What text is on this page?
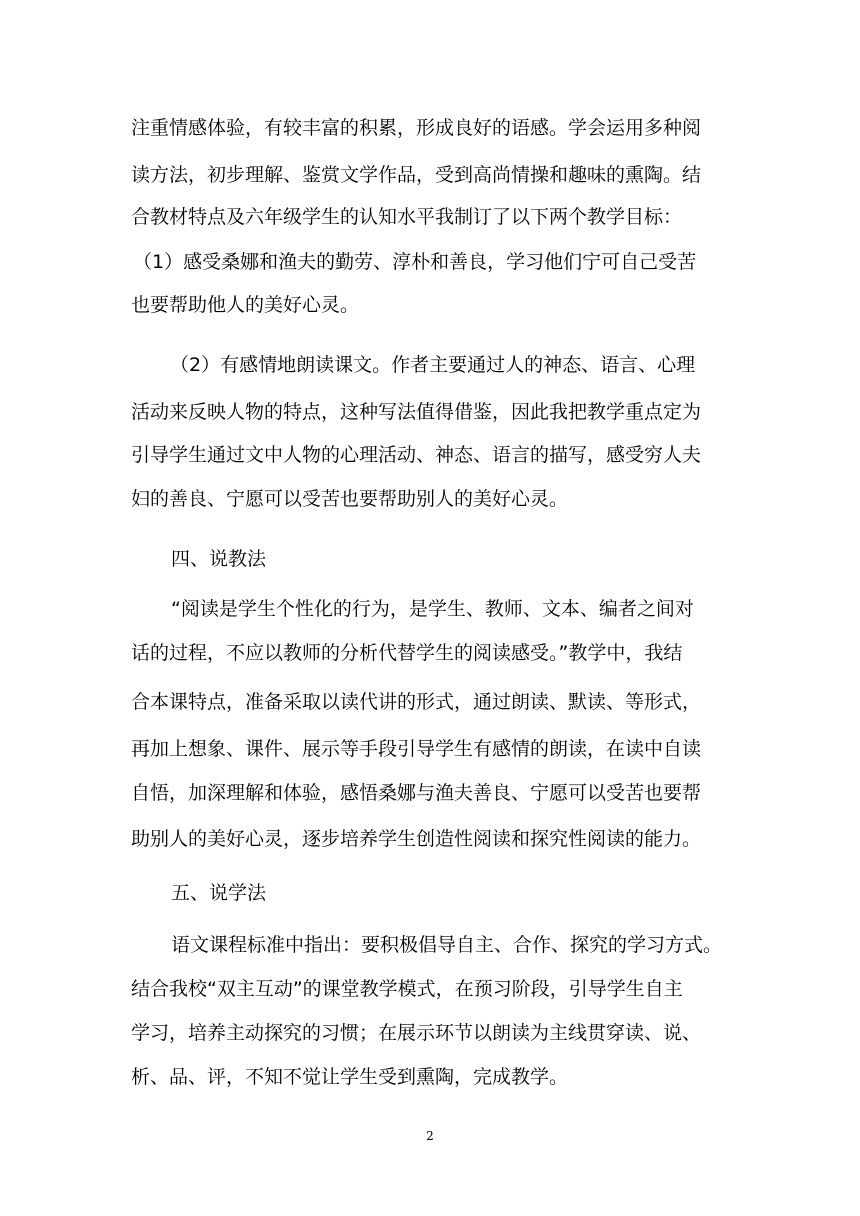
注重情感体验，有较丰富的积累，形成良好的语感。学会运用多种阅
读方法，初步理解、鉴赏文学作品，受到高尚情操和趣味的熏陶。结
合教材特点及六年级学生的认知水平我制订了以下两个教学目标：
（1）感受桑娜和渔夫的勤劳、淳朴和善良，学习他们宁可自己受苦
也要帮助他人的美好心灵。
（2）有感情地朗读课文。作者主要通过人的神态、语言、心理
活动来反映人物的特点，这种写法值得借鉴，因此我把教学重点定为
引导学生通过文中人物的心理活动、神态、语言的描写，感受穷人夫
妇的善良、宁愿可以受苦也要帮助别人的美好心灵。
四、说教法
“阅读是学生个性化的行为，是学生、教师、文本、编者之间对
话的过程，不应以教师的分析代替学生的阅读感受。”教学中，我结
合本课特点，准备采取以读代讲的形式，通过朗读、默读、等形式，
再加上想象、课件、展示等手段引导学生有感情的朗读，在读中自读
自悟，加深理解和体验，感悟桑娜与渔夫善良、宁愿可以受苦也要帮
助别人的美好心灵，逐步培养学生创造性阅读和探究性阅读的能力。
五、说学法
语文课程标准中指出：要积极倡导自主、合作、探究的学习方式。
结合我校“双主互动”的课堂教学模式，在预习阶段，引导学生自主
学习，培养主动探究的习惯；在展示环节以朗读为主线贯穿读、说、
析、品、评，不知不觉让学生受到熏陶，完成教学。
2
